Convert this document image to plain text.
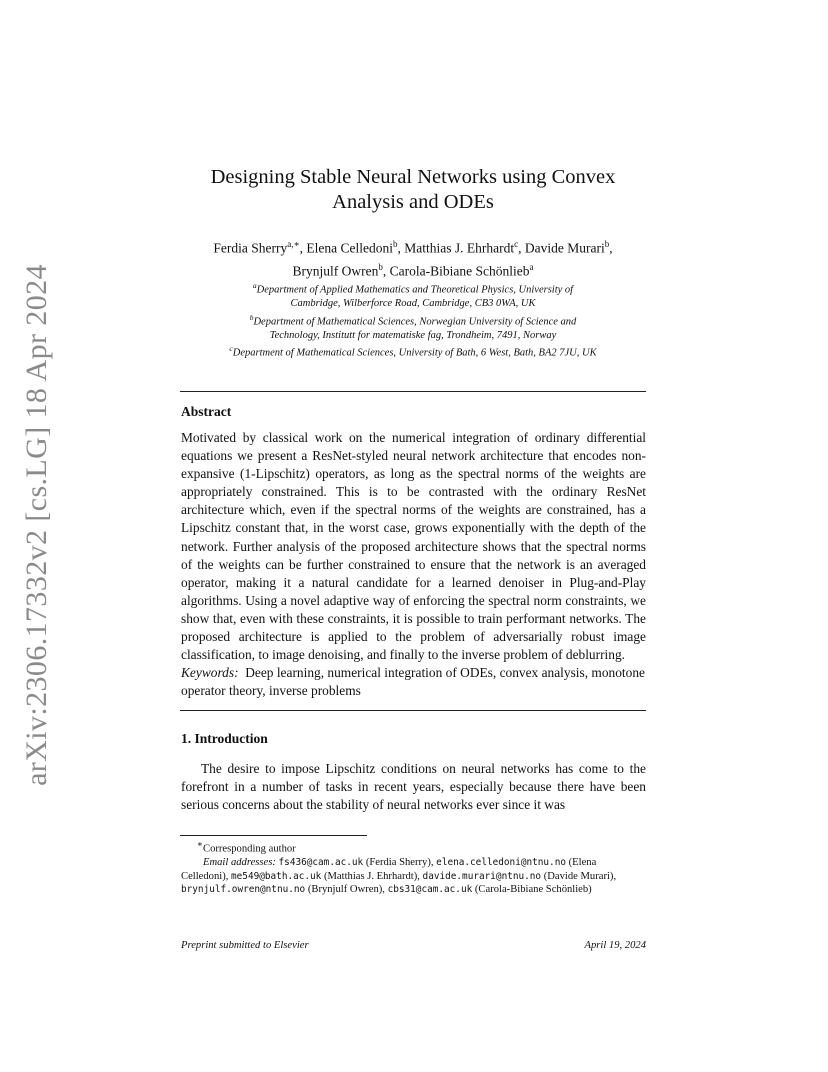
arXiv:2306.17332v2 [cs.LG] 18 Apr 2024
Designing Stable Neural Networks using Convex
Analysis and ODEs
Ferdia Sherry$^{a,∗}$, Elena Celledoni$^b$, Matthias J. Ehrhardt$^c$, Davide Murari$^b$,
Brynjulf Owren$^b$, Carola-Bibiane Schönlieb$^a$
$^a$Department of Applied Mathematics and Theoretical Physics, University of
Cambridge, Wilberforce Road, Cambridge, CB3 0WA, UK
$^b$Department of Mathematical Sciences, Norwegian University of Science and
Technology, Institutt for matematiske fag, Trondheim, 7491, Norway
$^c$Department of Mathematical Sciences, University of Bath, 6 West, Bath, BA2 7JU, UK
Abstract
Motivated by classical work on the numerical integration of ordinary differential equations we present a ResNet-styled neural network architecture that encodes non-expansive (1-Lipschitz) operators, as long as the spectral norms of the weights are appropriately constrained. This is to be contrasted with the ordinary ResNet architecture which, even if the spectral norms of the weights are constrained, has a Lipschitz constant that, in the worst case, grows exponentially with the depth of the network. Further analysis of the proposed architecture shows that the spectral norms of the weights can be further constrained to ensure that the network is an averaged operator, making it a natural candidate for a learned denoiser in Plug-and-Play algorithms. Using a novel adaptive way of enforcing the spectral norm constraints, we show that, even with these constraints, it is possible to train performant networks. The proposed architecture is applied to the problem of adversarially robust image classification, to image denoising, and finally to the inverse problem of deblurring.
Keywords: Deep learning, numerical integration of ODEs, convex analysis, monotone operator theory, inverse problems
1. Introduction
The desire to impose Lipschitz conditions on neural networks has come to the forefront in a number of tasks in recent years, especially because there have been serious concerns about the stability of neural networks ever since it was
∗Corresponding author
Email addresses: fs436@cam.ac.uk (Ferdia Sherry), elena.celledoni@ntnu.no (Elena Celledoni), me549@bath.ac.uk (Matthias J. Ehrhardt), davide.murari@ntnu.no (Davide Murari), brynjulf.owren@ntnu.no (Brynjulf Owren), cbs31@cam.ac.uk (Carola-Bibiane Schönlieb)
Preprint submitted to Elsevier	April 19, 2024
